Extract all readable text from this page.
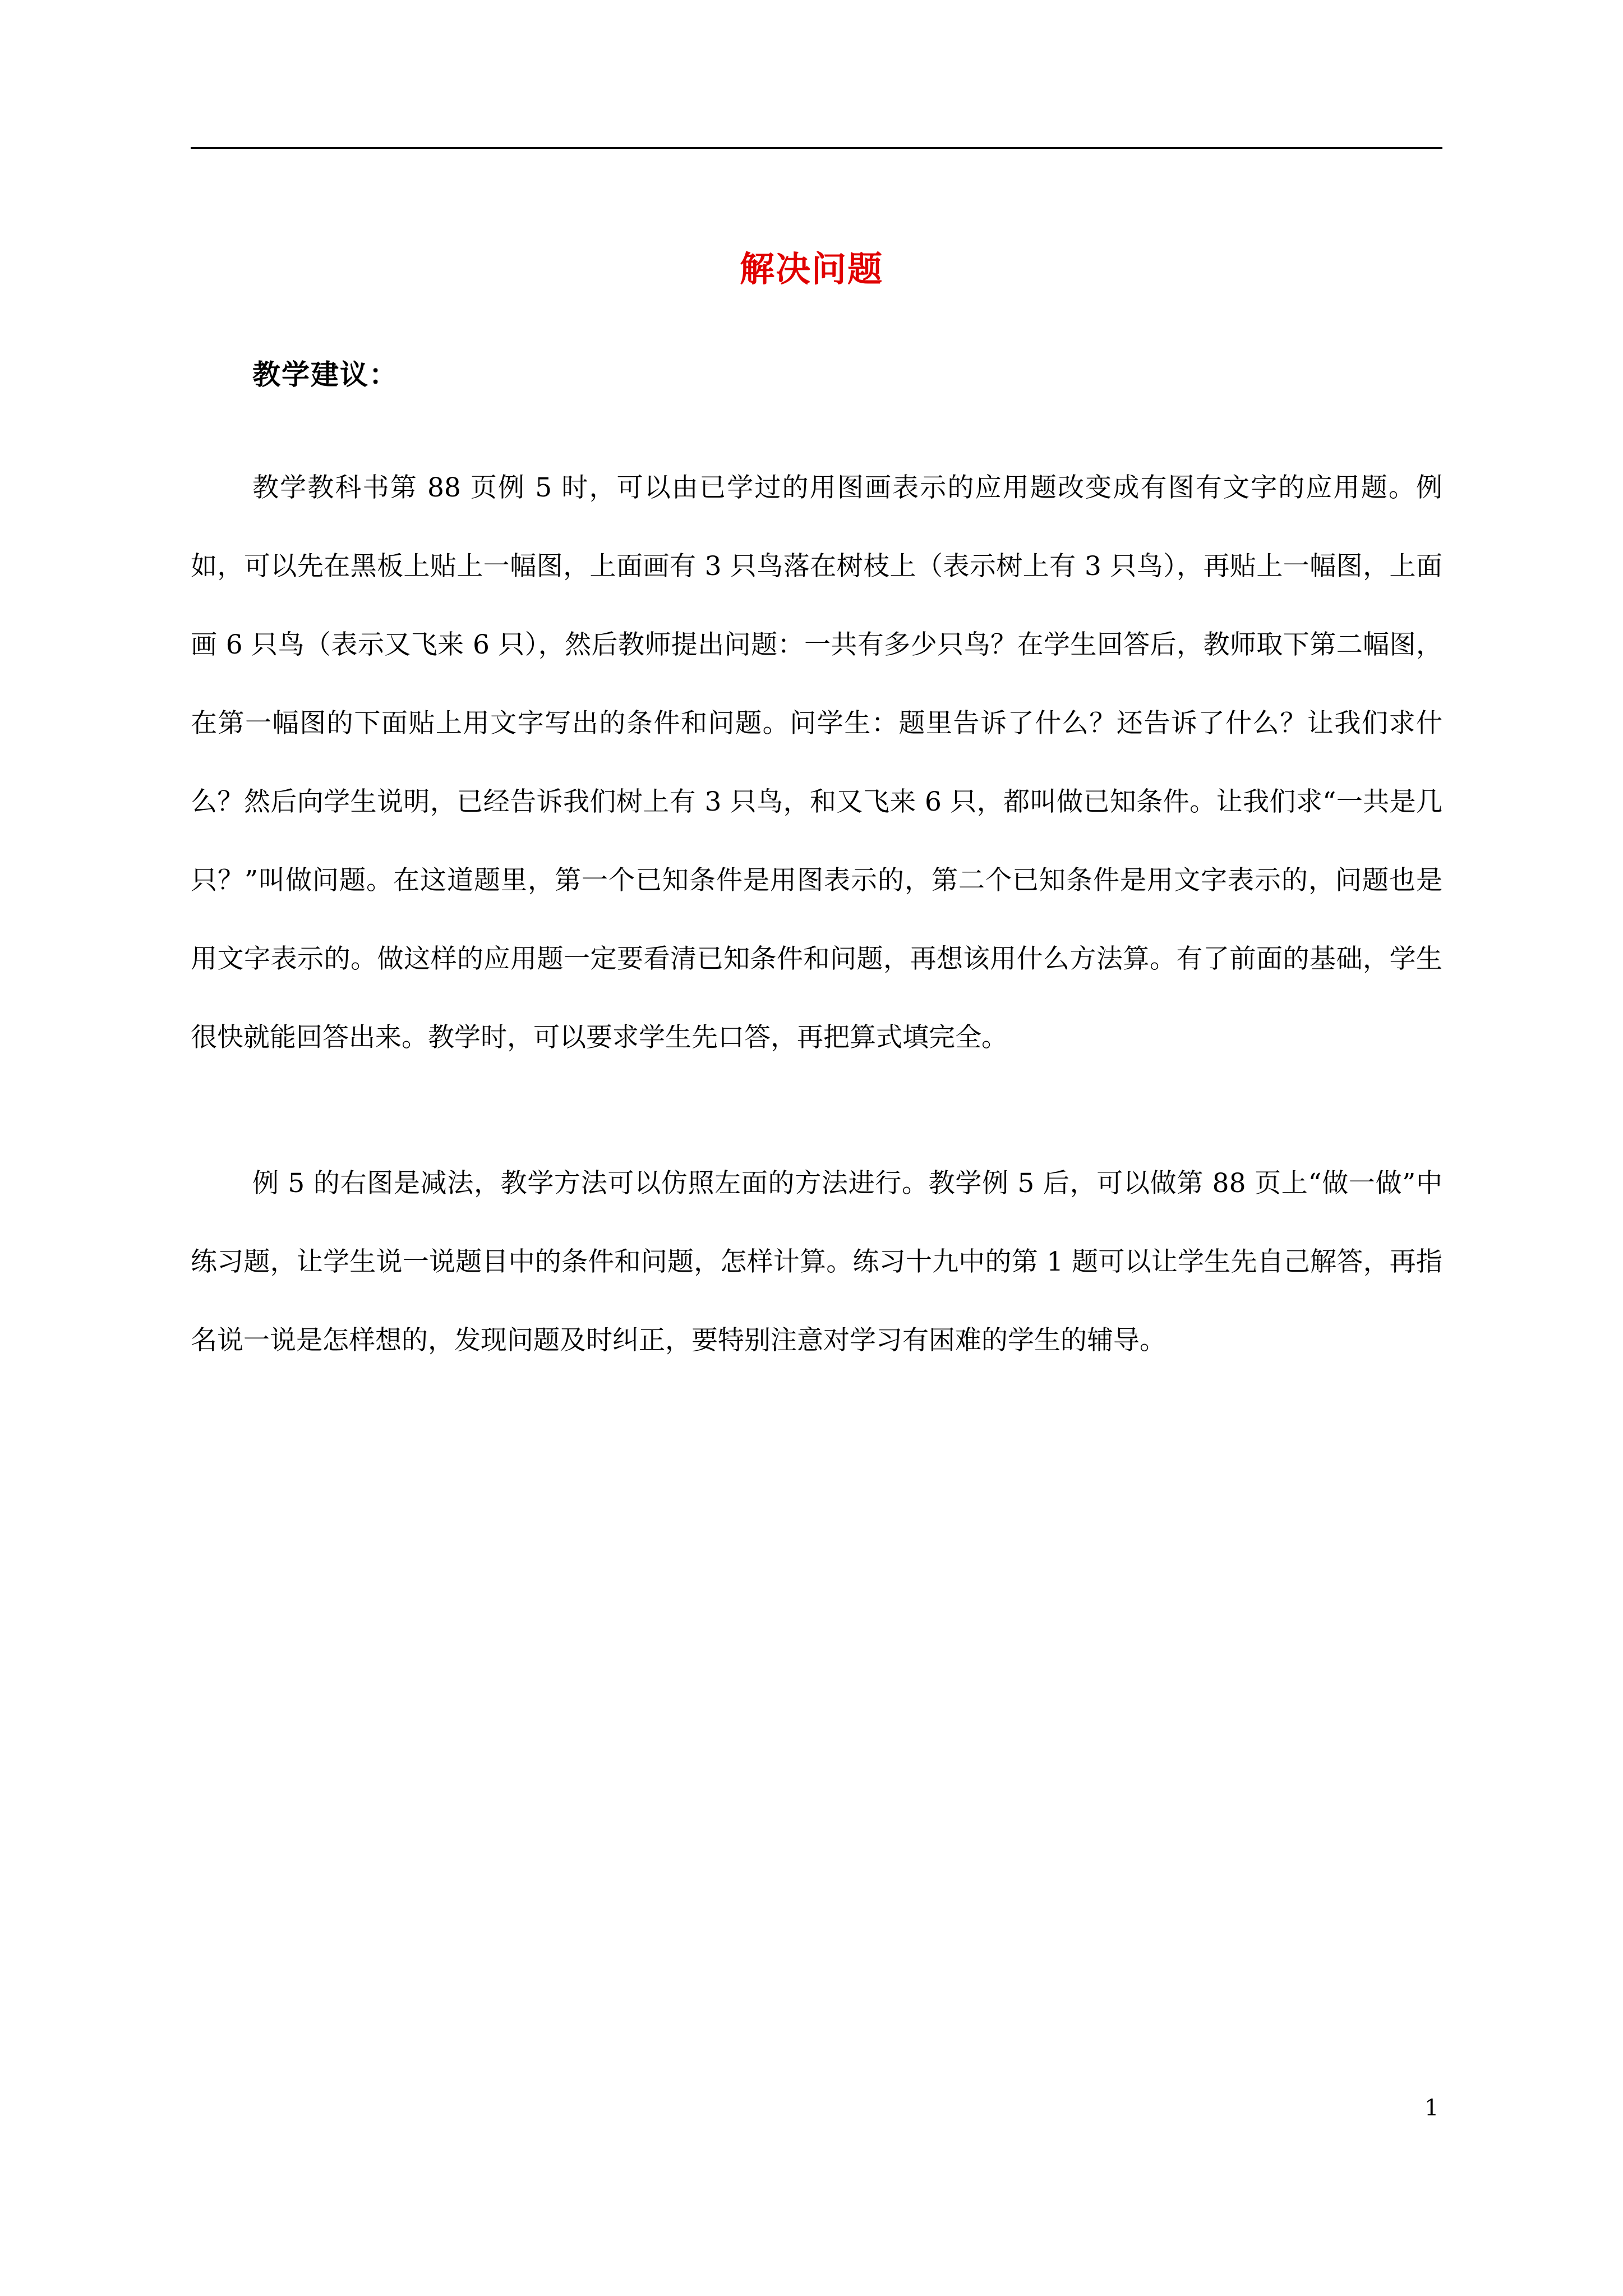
解决问题
教学建议：

教学教科书第 88 页例 5 时，可以由已学过的用图画表示的应用题改变成有图有文字的应用题。例如，可以先在黑板上贴上一幅图，上面画有 3 只鸟落在树枝上（表示树上有 3 只鸟），再贴上一幅图，上面画 6 只鸟（表示又飞来 6 只），然后教师提出问题：一共有多少只鸟？在学生回答后，教师取下第二幅图，在第一幅图的下面贴上用文字写出的条件和问题。问学生：题里告诉了什么？还告诉了什么？让我们求什么？然后向学生说明，已经告诉我们树上有 3 只鸟，和又飞来 6 只，都叫做已知条件。让我们求“一共是几只？”叫做问题。在这道题里，第一个已知条件是用图表示的，第二个已知条件是用文字表示的，问题也是用文字表示的。做这样的应用题一定要看清已知条件和问题，再想该用什么方法算。有了前面的基础，学生很快就能回答出来。教学时，可以要求学生先口答，再把算式填完全。

例 5 的右图是减法，教学方法可以仿照左面的方法进行。教学例 5 后，可以做第 88 页上“做一做”中练习题，让学生说一说题目中的条件和问题，怎样计算。练习十九中的第 1 题可以让学生先自己解答，再指名说一说是怎样想的，发现问题及时纠正，要特别注意对学习有困难的学生的辅导。

1
